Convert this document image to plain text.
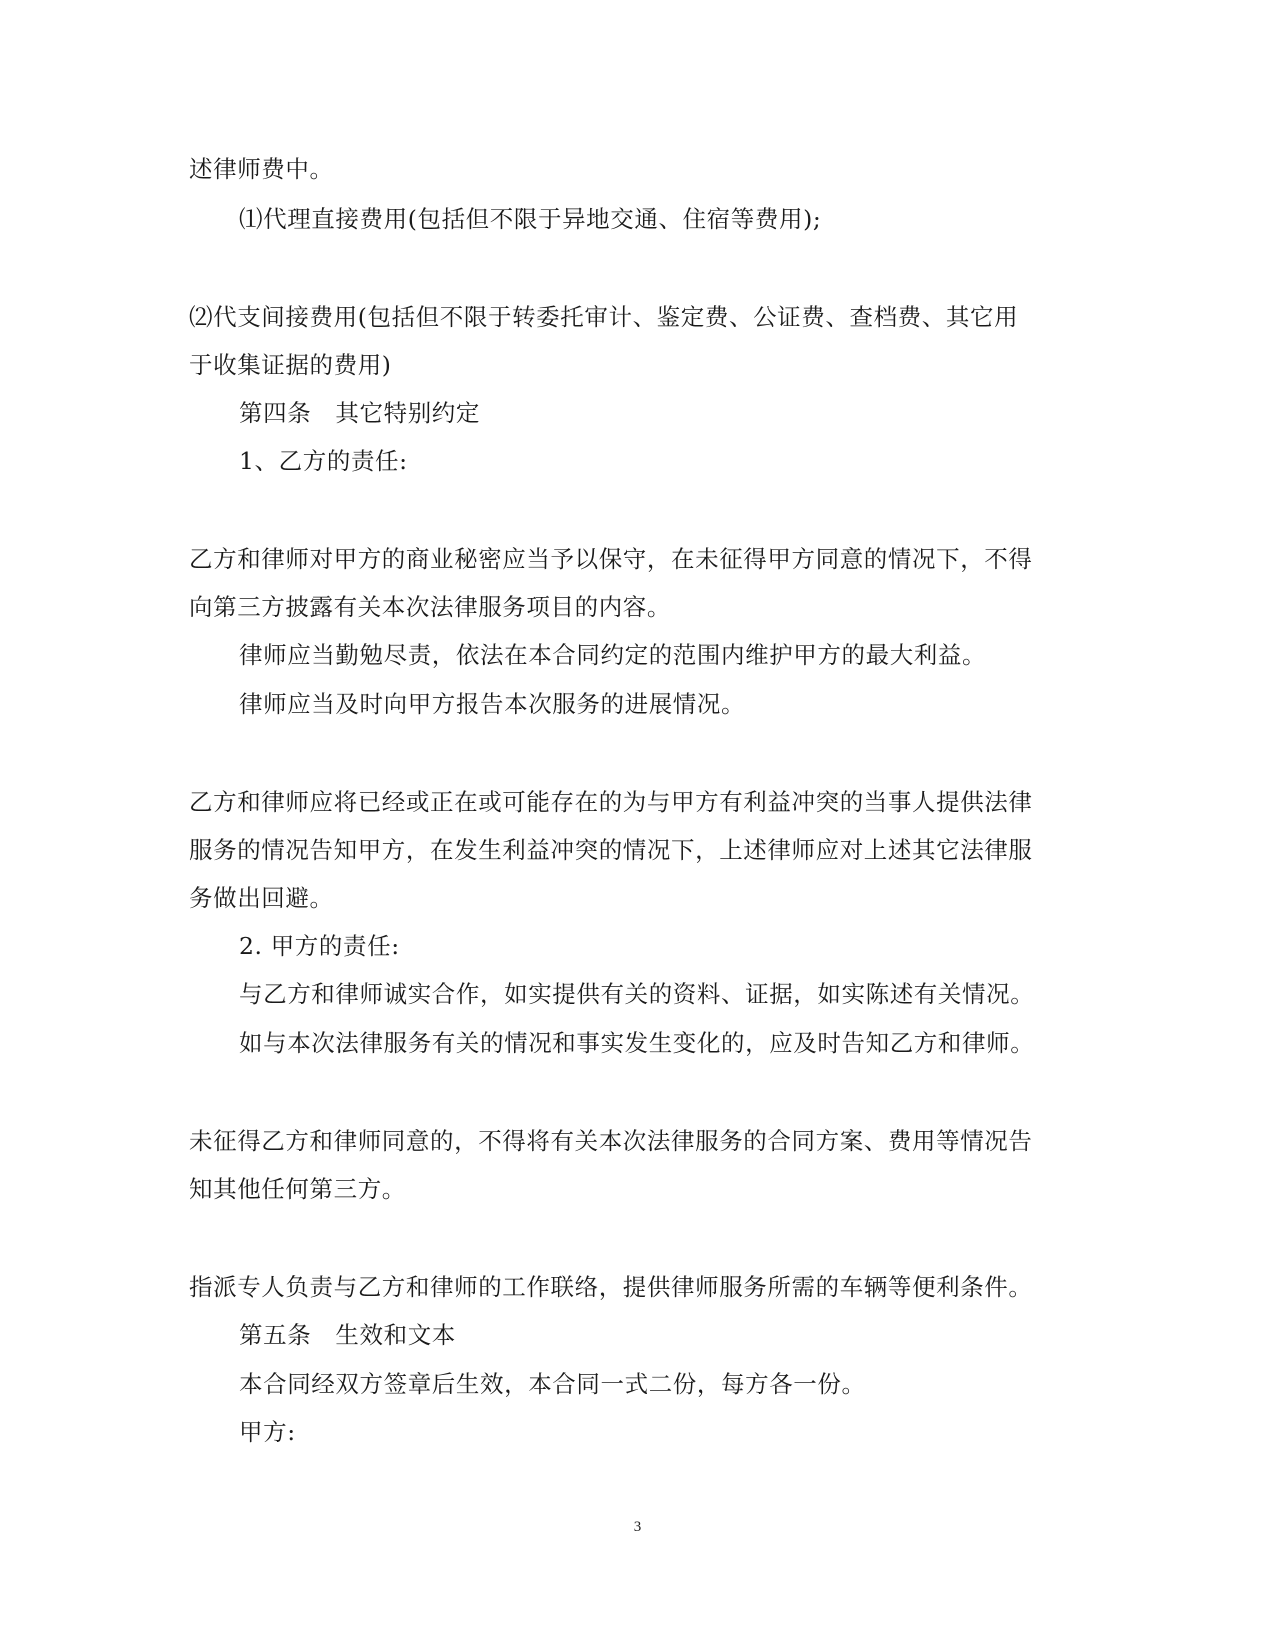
述律师费中。
⑴代理直接费用(包括但不限于异地交通、住宿等费用);
⑵代支间接费用(包括但不限于转委托审计、鉴定费、公证费、查档费、其它用
于收集证据的费用)
第四条　其它特别约定
1、乙方的责任:
乙方和律师对甲方的商业秘密应当予以保守，在未征得甲方同意的情况下，不得
向第三方披露有关本次法律服务项目的内容。
律师应当勤勉尽责，依法在本合同约定的范围内维护甲方的最大利益。
律师应当及时向甲方报告本次服务的进展情况。
乙方和律师应将已经或正在或可能存在的为与甲方有利益冲突的当事人提供法律
服务的情况告知甲方，在发生利益冲突的情况下，上述律师应对上述其它法律服
务做出回避。
2. 甲方的责任:
与乙方和律师诚实合作，如实提供有关的资料、证据，如实陈述有关情况。
如与本次法律服务有关的情况和事实发生变化的，应及时告知乙方和律师。
未征得乙方和律师同意的，不得将有关本次法律服务的合同方案、费用等情况告
知其他任何第三方。
指派专人负责与乙方和律师的工作联络，提供律师服务所需的车辆等便利条件。
第五条　生效和文本
本合同经双方签章后生效，本合同一式二份，每方各一份。
甲方:
3
